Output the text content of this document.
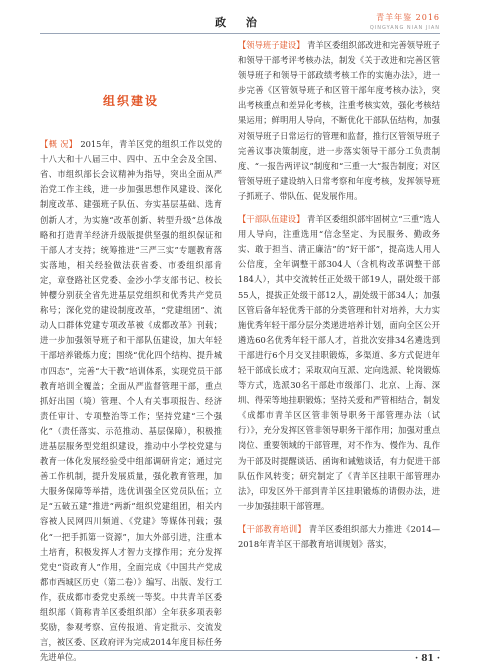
政 治	青羊年鉴 2016
QINGYANG NIAN JIAN
组织建设

【概 况】 2015年，青羊区党的组织工作以党的十八大和十八届三中、四中、五中全会及全国、省、市组织部长会议精神为指导，突出全面从严治党工作主线，进一步加强思想作风建设、深化制度改革、建强班子队伍、夯实基层基础、选育创新人才，为实施“改革创新、转型升级”总体战略和打造青羊经济升级版提供坚强的组织保证和干部人才支持；统筹推进“三严三实”专题教育落实落地，相关经验做法获省委、市委组织部肯定，章登路社区党委、金沙小学支部书记、校长钟樱分别获全省先进基层党组织和优秀共产党员称号；深化党的建设制度改革，“党建组团”、流动人口群体党建专项改革被《成都改革》刊载；进一步加强领导班子和干部队伍建设，加大年轻干部培养锻炼力度；围绕“优化四个结构、提升城市四态”，完善“大干教”培训体系，实现党员干部教育培训全覆盖；全面从严监督管理干部，重点抓好出国（境）管理、个人有关事项报告、经济责任审计、专项整治等工作；坚持党建“三个强化”（责任落实、示范推动、基层保障），积极推进基层服务型党组织建设，推动中小学校党建与教育一体化发展经验受中组部调研肯定；通过完善工作机制，提升发展质量，强化教育管理，加大服务保障等举措，选优训强全区党员队伍；立足“五破五建”推进“两新”组织党建组团，相关内容被人民网四川频道、《党建》等媒体刊载；强化“一把手抓第一资源”，加大外部引进，注重本土培育，积极发挥人才智力支撑作用；充分发挥党史“资政育人”作用，全面完成《中国共产党成都市西城区历史（第二卷）》编写、出版、发行工作，获成都市委党史系统一等奖。中共青羊区委组织部（简称青羊区委组织部）全年获多项表彰奖励，参观考察、宣传报道、肯定批示、交流发言，被区委、区政府评为完成2014年度目标任务先进单位。

【领导班子建设】 青羊区委组织部改进和完善领导班子和领导干部考评考核办法，制发《关于改进和完善区管领导班子和领导干部政绩考核工作的实施办法》，进一步完善《区管领导班子和区管干部年度考核办法》，突出考核重点和差异化考核，注重考核实效，强化考核结果运用；鲜明用人导向，不断优化干部队伍结构，加强对领导班子日常运行的管理和监督，推行区管领导班子完善议事决策制度，进一步落实领导干部分工负责制度、“一报告两评议”制度和“三重一大”报告制度；对区管领导班子建设纳入日常考察和年度考核，发挥领导班子抓班子、带队伍、促发展作用。

【干部队伍建设】 青羊区委组织部牢固树立“三重”选人用人导向，注重选用“信念坚定、为民服务、勤政务实、敢于担当、清正廉洁”的“好干部”，提高选人用人公信度，全年调整干部304人（含机构改革调整干部184人），其中交流转任正处级干部19人，副处级干部55人，提拔正处级干部12人，副处级干部34人；加强区管后备年轻优秀干部的分类管理和针对培养，大力实施优秀年轻干部分层分类递进培养计划，面向全区公开遴选60名优秀年轻干部人才，首批次安排34名遴选到干部进行6个月交叉挂职锻炼，多渠道、多方式促进年轻干部成长成才；采取双向互派、定向选派、轮岗锻炼等方式，选派30名干部赴市级部门、北京、上海、深圳、得荣等地挂职锻炼；坚持关爱和严管相结合，制发《成都市青羊区区管非领导职务干部管理办法（试行）》，充分发挥区管非领导职务干部作用；加强对重点岗位、重要领域的干部管理，对不作为、慢作为、乱作为干部及时提醒谈话、函询和诫勉谈话，有力促进干部队伍作风转变；研究制定了《青羊区挂职干部管理办法》，印发区外干部到青羊区挂职锻炼的请假办法，进一步加强挂职干部管理。

【干部教育培训】 青羊区委组织部大力推进《2014—2018年青羊区干部教育培训规划》落实，

· 81 ·
